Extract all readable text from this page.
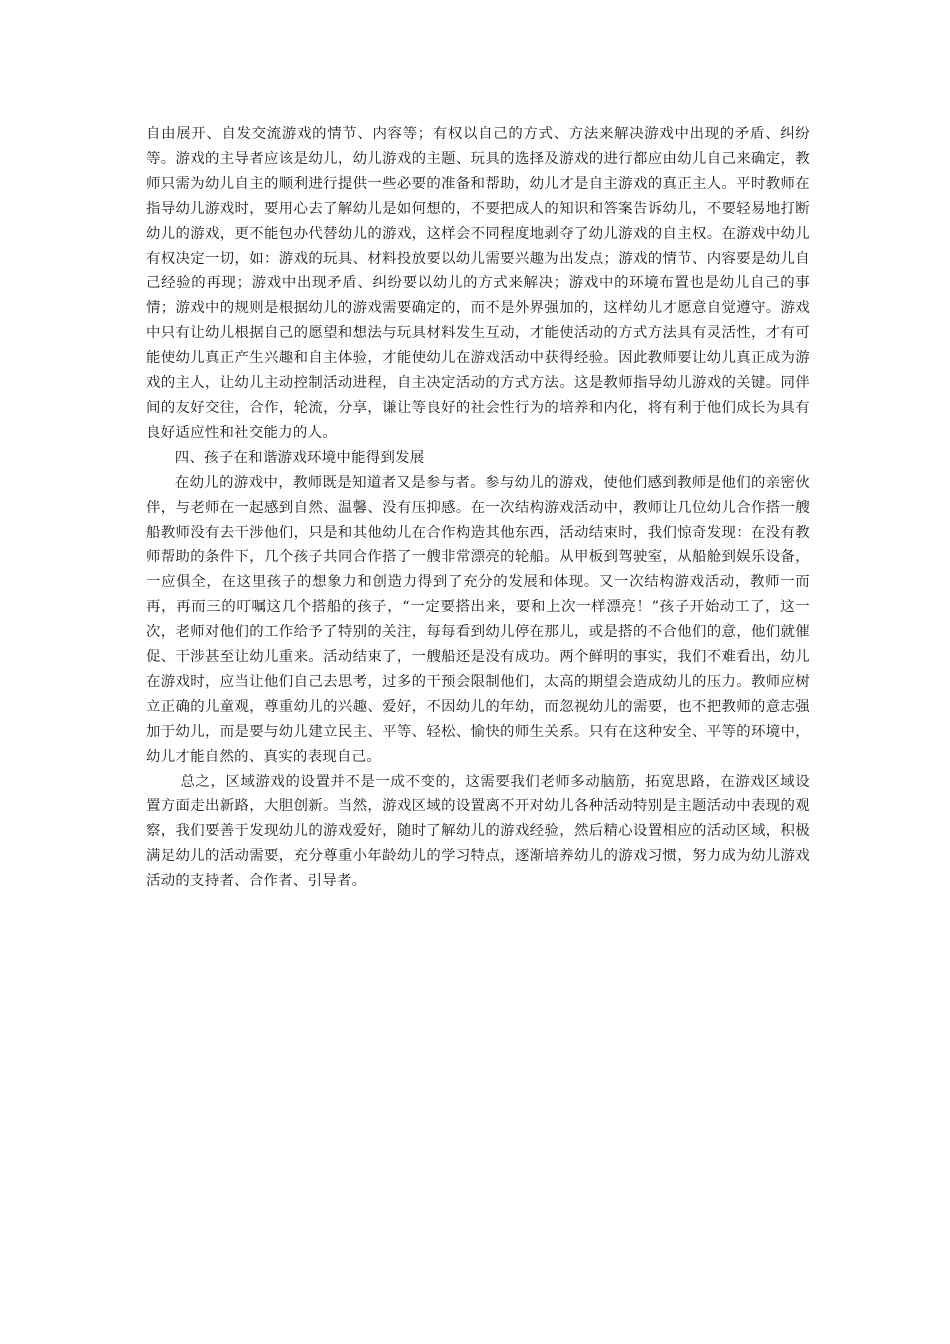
自由展开、自发交流游戏的情节、内容等；有权以自己的方式、方法来解决游戏中出现的矛盾、纠纷等。游戏的主导者应该是幼儿，幼儿游戏的主题、玩具的选择及游戏的进行都应由幼儿自己来确定，教师只需为幼儿自主的顺利进行提供一些必要的准备和帮助，幼儿才是自主游戏的真正主人。平时教师在指导幼儿游戏时，要用心去了解幼儿是如何想的，不要把成人的知识和答案告诉幼儿，不要轻易地打断幼儿的游戏，更不能包办代替幼儿的游戏，这样会不同程度地剥夺了幼儿游戏的自主权。在游戏中幼儿有权决定一切，如：游戏的玩具、材料投放要以幼儿需要兴趣为出发点；游戏的情节、内容要是幼儿自己经验的再现；游戏中出现矛盾、纠纷要以幼儿的方式来解决；游戏中的环境布置也是幼儿自己的事情；游戏中的规则是根据幼儿的游戏需要确定的，而不是外界强加的，这样幼儿才愿意自觉遵守。游戏中只有让幼儿根据自己的愿望和想法与玩具材料发生互动，才能使活动的方式方法具有灵活性，才有可能使幼儿真正产生兴趣和自主体验，才能使幼儿在游戏活动中获得经验。因此教师要让幼儿真正成为游戏的主人，让幼儿主动控制活动进程，自主决定活动的方式方法。这是教师指导幼儿游戏的关键。同伴间的友好交往，合作，轮流，分享，谦让等良好的社会性行为的培养和内化，将有利于他们成长为具有良好适应性和社交能力的人。

四、孩子在和谐游戏环境中能得到发展

在幼儿的游戏中，教师既是知道者又是参与者。参与幼儿的游戏，使他们感到教师是他们的亲密伙伴，与老师在一起感到自然、温馨、没有压抑感。在一次结构游戏活动中，教师让几位幼儿合作搭一艘船教师没有去干涉他们，只是和其他幼儿在合作构造其他东西，活动结束时，我们惊奇发现：在没有教师帮助的条件下，几个孩子共同合作搭了一艘非常漂亮的轮船。从甲板到驾驶室，从船舱到娱乐设备，一应俱全，在这里孩子的想象力和创造力得到了充分的发展和体现。又一次结构游戏活动，教师一而再，再而三的叮嘱这几个搭船的孩子，“一定要搭出来，要和上次一样漂亮！”孩子开始动工了，这一次，老师对他们的工作给予了特别的关注，每每看到幼儿停在那儿，或是搭的不合他们的意，他们就催促、干涉甚至让幼儿重来。活动结束了，一艘船还是没有成功。两个鲜明的事实，我们不难看出，幼儿在游戏时，应当让他们自己去思考，过多的干预会限制他们，太高的期望会造成幼儿的压力。教师应树立正确的儿童观，尊重幼儿的兴趣、爱好，不因幼儿的年幼，而忽视幼儿的需要，也不把教师的意志强加于幼儿，而是要与幼儿建立民主、平等、轻松、愉快的师生关系。只有在这种安全、平等的环境中，幼儿才能自然的、真实的表现自己。

总之，区域游戏的设置并不是一成不变的，这需要我们老师多动脑筋，拓宽思路，在游戏区域设置方面走出新路，大胆创新。当然，游戏区域的设置离不开对幼儿各种活动特别是主题活动中表现的观察，我们要善于发现幼儿的游戏爱好，随时了解幼儿的游戏经验，然后精心设置相应的活动区域，积极满足幼儿的活动需要，充分尊重小年龄幼儿的学习特点，逐渐培养幼儿的游戏习惯，努力成为幼儿游戏活动的支持者、合作者、引导者。
